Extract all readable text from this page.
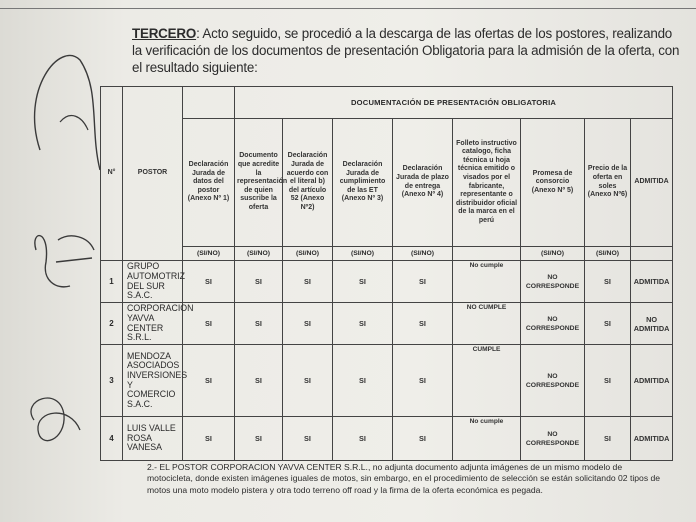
TERCERO: Acto seguido, se procedió a la descarga de las ofertas de los postores, realizando la verificación de los documentos de presentación Obligatoria para la admisión de la oferta, con el resultado siguiente:
N°	POSTOR		DOCUMENTACIÓN DE PRESENTACIÓN OBLIGATORIA							
		Declaración Jurada de datos del postor (Anexo Nº 1)	Documento que acredite la representación de quien suscribe la oferta	Declaración Jurada de acuerdo con el literal b) del artículo 52 (Anexo Nº2)	Declaración Jurada de cumplimiento de las ET (Anexo Nº 3)	Declaración Jurada de plazo de entrega (Anexo Nº 4)	Folleto instructivo catalogo, ficha técnica u hoja técnica emitido o visados por el fabricante, representante o distribuidor oficial de la marca en el perú	Promesa de consorcio (Anexo Nº 5)	Precio de la oferta en soles (Anexo Nº6)	ADMITIDA
		(SI/NO)	(SI/NO)	(SI/NO)	(SI/NO)	(SI/NO)		(SI/NO)	(SI/NO)	
1	GRUPO AUTOMOTRIZ DEL SUR S.A.C.	SI	SI	SI	SI	SI	No cumple	NO CORRESPONDE	SI	ADMITIDA
2	CORPORACION YAVVA CENTER S.R.L.	SI	SI	SI	SI	SI	NO CUMPLE	NO CORRESPONDE	SI	NO ADMITIDA
3	MENDOZA ASOCIADOS INVERSIONES Y COMERCIO S.A.C.	SI	SI	SI	SI	SI	CUMPLE	NO CORRESPONDE	SI	ADMITIDA
4	LUIS VALLE ROSA VANESA	SI	SI	SI	SI	SI	No cumple	NO CORRESPONDE	SI	ADMITIDA
2.- EL POSTOR CORPORACION YAVVA CENTER S.R.L., no adjunta documento adjunta imágenes de un mismo modelo de motocicleta, donde existen imágenes iguales de motos, sin embargo, en el procedimiento de selección se están solicitando 02 tipos de motos una moto modelo pistera y otra todo terreno off road y la firma de la oferta económica es pegada.
